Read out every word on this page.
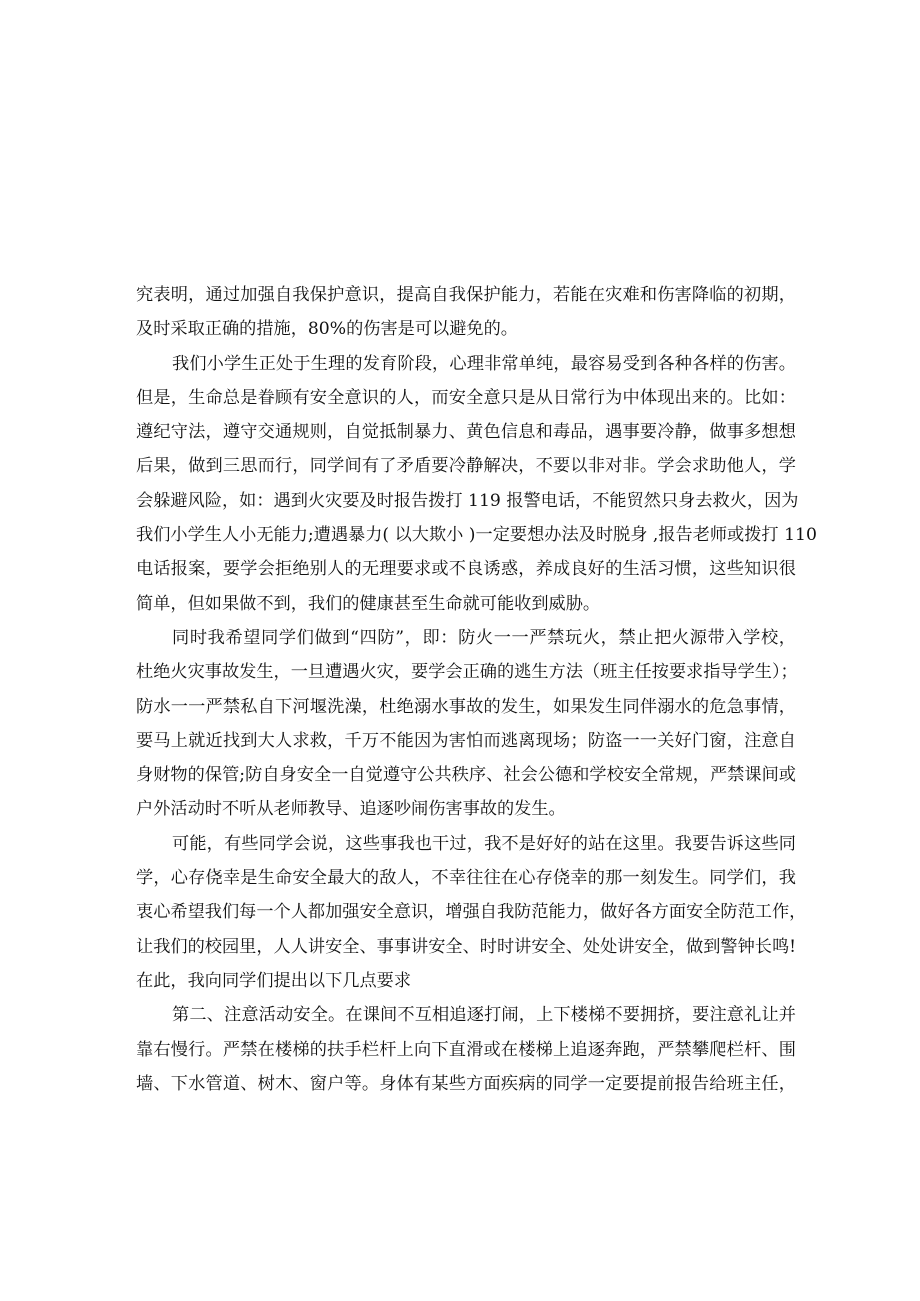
究表明，通过加强自我保护意识，提高自我保护能力，若能在灾难和伤害降临的初期，
及时采取正确的措施，80%的伤害是可以避免的。
我们小学生正处于生理的发育阶段，心理非常单纯，最容易受到各种各样的伤害。
但是，生命总是眷顾有安全意识的人，而安全意只是从日常行为中体现出来的。比如：
遵纪守法，遵守交通规则，自觉抵制暴力、黄色信息和毒品，遇事要冷静，做事多想想
后果，做到三思而行，同学间有了矛盾要冷静解决，不要以非对非。学会求助他人，学
会躲避风险，如：遇到火灾要及时报告拨打 119 报警电话，不能贸然只身去救火，因为
我们小学生人小无能力;遭遇暴力( 以大欺小 )一定要想办法及时脱身 ,报告老师或拨打 110
电话报案，要学会拒绝别人的无理要求或不良诱惑，养成良好的生活习惯，这些知识很
简单，但如果做不到，我们的健康甚至生命就可能收到威胁。
同时我希望同学们做到“四防”，即：防火一一严禁玩火，禁止把火源带入学校，
杜绝火灾事故发生，一旦遭遇火灾，要学会正确的逃生方法（班主任按要求指导学生）；
防水一一严禁私自下河堰洗澡，杜绝溺水事故的发生，如果发生同伴溺水的危急事情，
要马上就近找到大人求救，千万不能因为害怕而逃离现场；防盗一一关好门窗，注意自
身财物的保管;防自身安全一自觉遵守公共秩序、社会公德和学校安全常规，严禁课间或
户外活动时不听从老师教导、追逐吵闹伤害事故的发生。
可能，有些同学会说，这些事我也干过，我不是好好的站在这里。我要告诉这些同
学，心存侥幸是生命安全最大的敌人，不幸往往在心存侥幸的那一刻发生。同学们，我
衷心希望我们每一个人都加强安全意识，增强自我防范能力，做好各方面安全防范工作，
让我们的校园里，人人讲安全、事事讲安全、时时讲安全、处处讲安全，做到警钟长鸣!
在此，我向同学们提出以下几点要求
第二、注意活动安全。在课间不互相追逐打闹，上下楼梯不要拥挤，要注意礼让并
靠右慢行。严禁在楼梯的扶手栏杆上向下直滑或在楼梯上追逐奔跑，严禁攀爬栏杆、围
墙、下水管道、树木、窗户等。身体有某些方面疾病的同学一定要提前报告给班主任，
